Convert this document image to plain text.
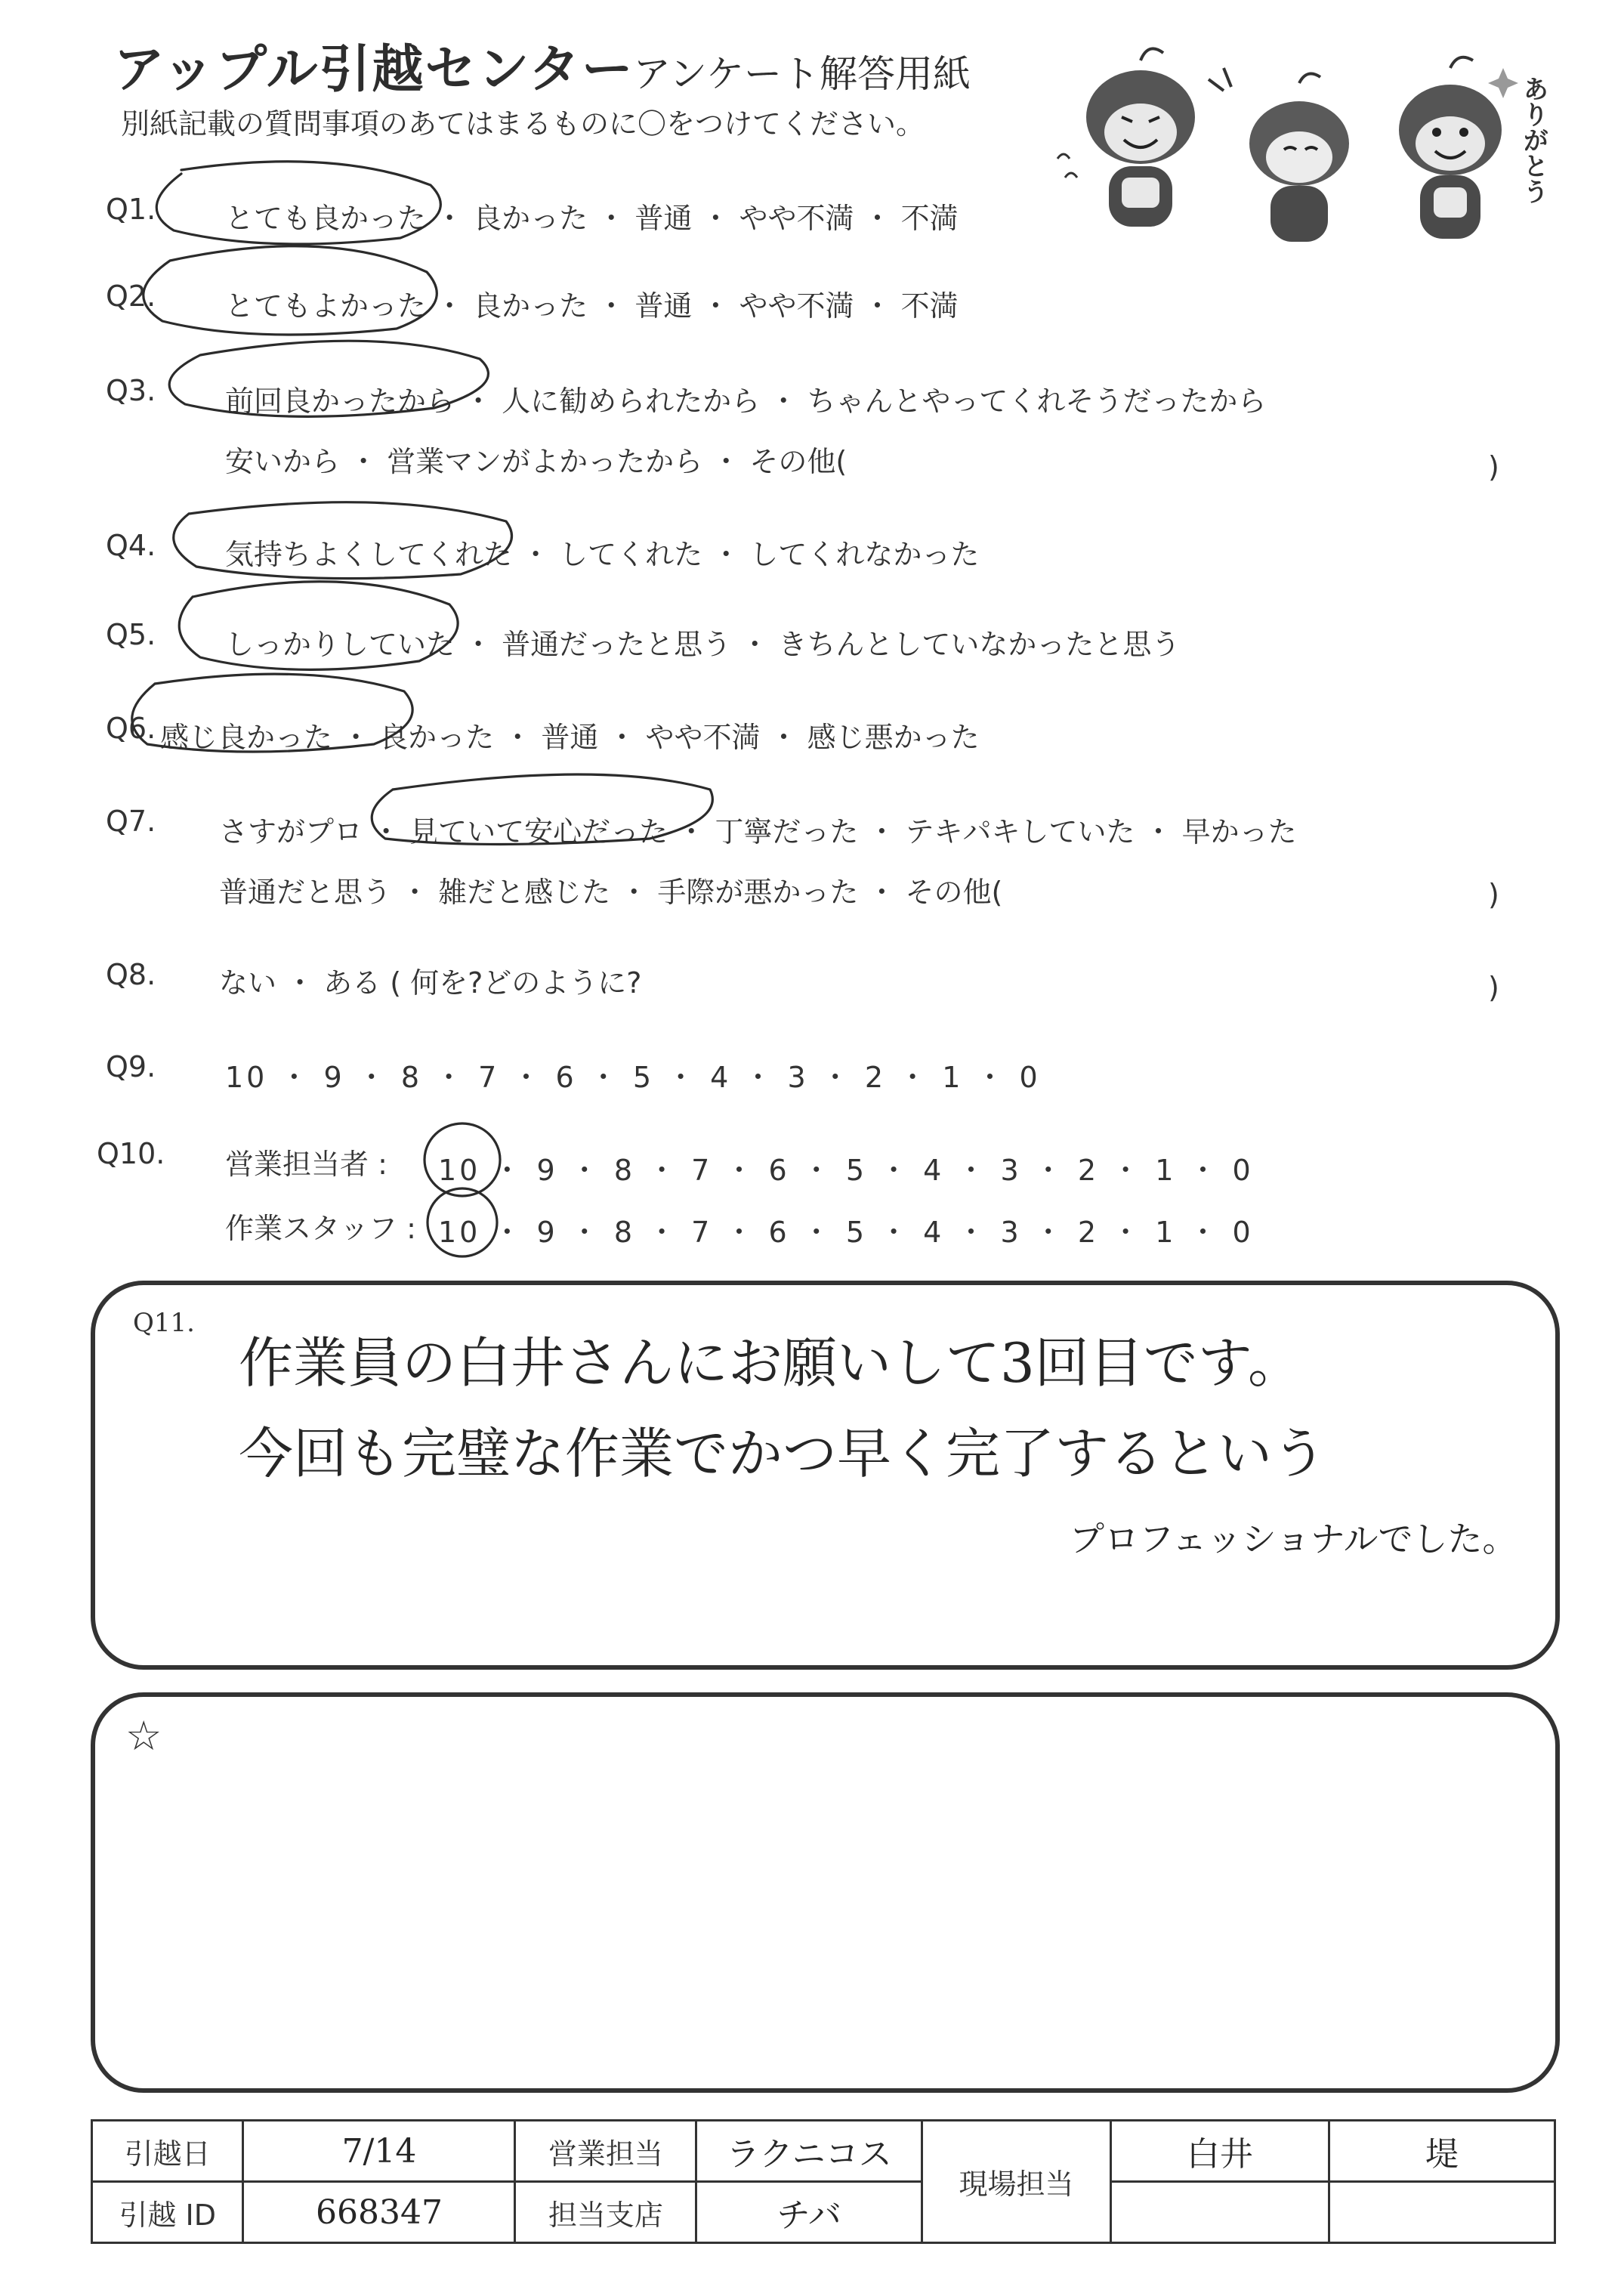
アップル引越センター
アンケート解答用紙
別紙記載の質問事項のあてはまるものに〇をつけてください。	ありがとう
Q1. とても良かった ・ 良かった ・ 普通 ・ やや不満 ・ 不満
Q2. とてもよかった ・ 良かった ・ 普通 ・ やや不満 ・ 不満
Q3. 前回良かったから ・ 人に勧められたから ・ ちゃんとやってくれそうだったから
安いから ・ 営業マンがよかったから ・ その他(	)
Q4. 気持ちよくしてくれた ・ してくれた ・ してくれなかった
Q5. しっかりしていた ・ 普通だったと思う ・ きちんとしていなかったと思う
Q6. 感じ良かった ・ 良かった ・ 普通 ・ やや不満 ・ 感じ悪かった
Q7. さすがプロ ・ 見ていて安心だった ・ 丁寧だった ・ テキパキしていた ・ 早かった
普通だと思う ・ 雑だと感じた ・ 手際が悪かった ・ その他(	)
Q8. ない ・ ある ( 何を?どのように?	)
Q9. 10 ・ 9 ・ 8 ・ 7 ・ 6 ・ 5 ・ 4 ・ 3 ・ 2 ・ 1 ・ 0
Q10. 営業担当者 : 10 ・ 9 ・ 8 ・ 7 ・ 6 ・ 5 ・ 4 ・ 3 ・ 2 ・ 1 ・ 0
作業スタッフ : 10 ・ 9 ・ 8 ・ 7 ・ 6 ・ 5 ・ 4 ・ 3 ・ 2 ・ 1 ・ 0
Q11.
作業員の白井さんにお願いして3回目です。
今回も完璧な作業でかつ早く完了するという
プロフェッショナルでした。
☆
引越日	7/14	営業担当	ラクニコス	現場担当	白井	堤
引越 ID	668347	担当支店	チバ			
